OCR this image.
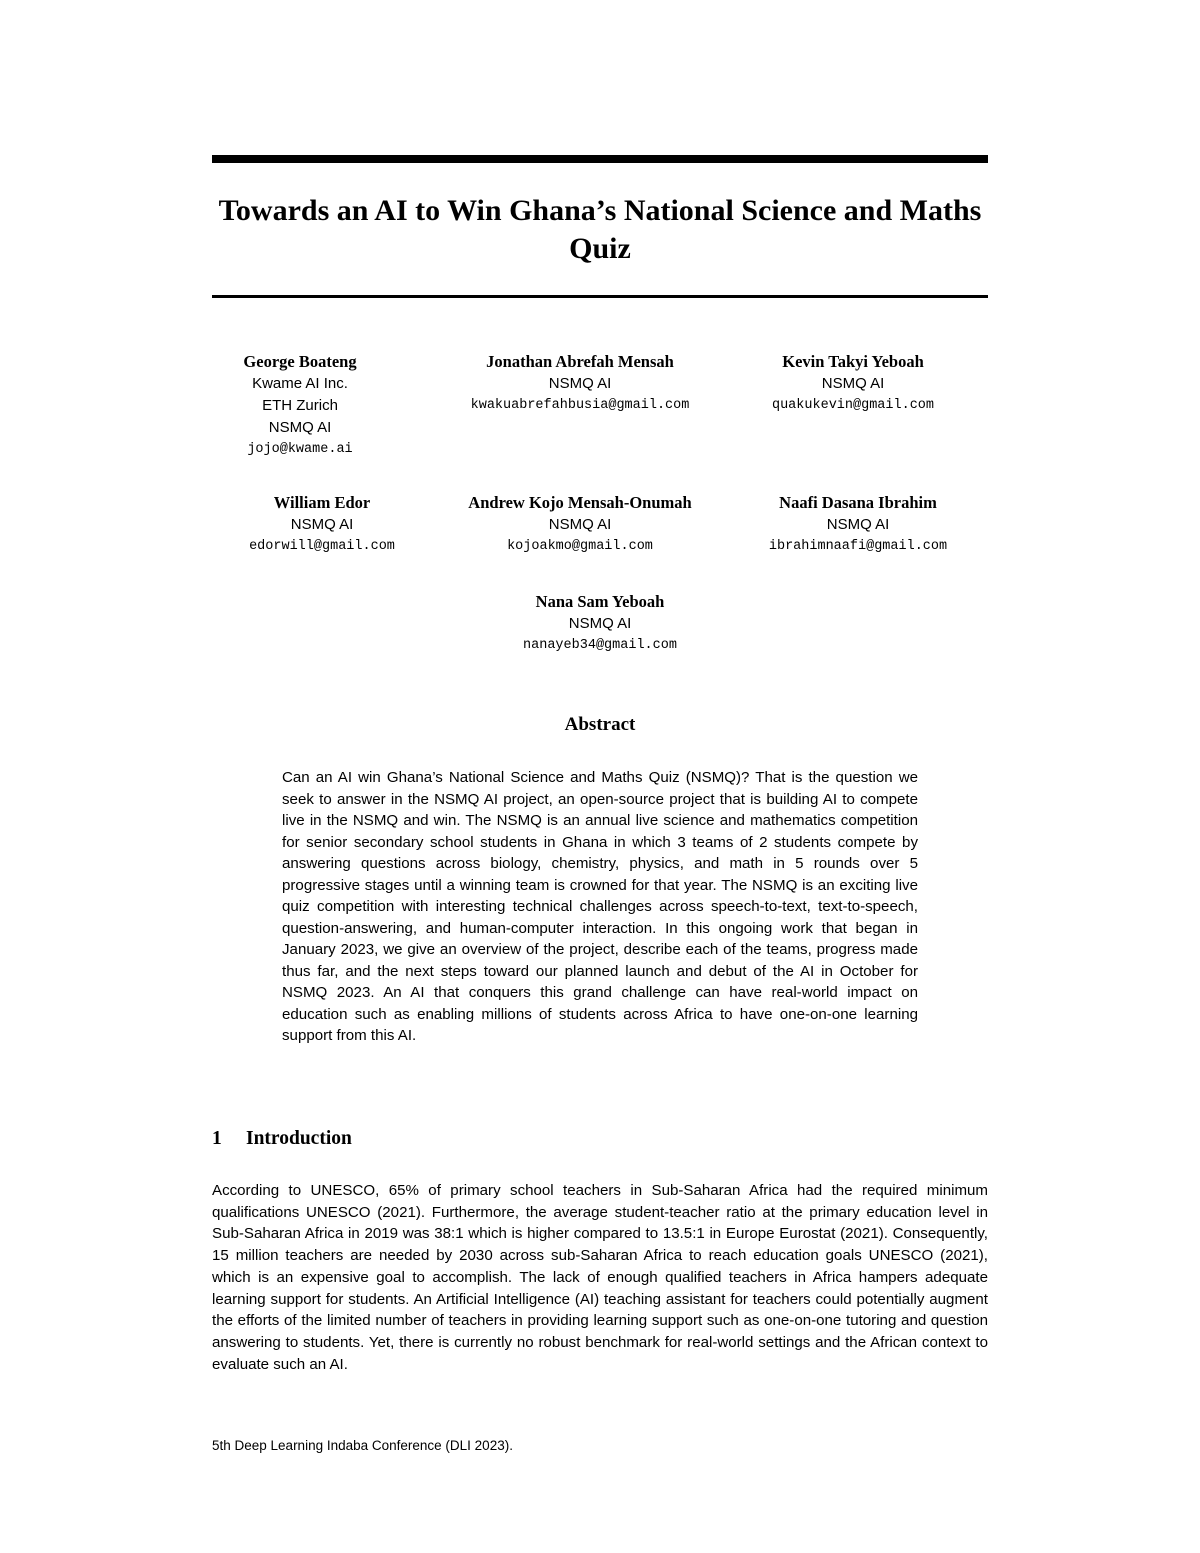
Towards an AI to Win Ghana’s National Science and Maths Quiz
George Boateng
Kwame AI Inc.
ETH Zurich
NSMQ AI
jojo@kwame.ai
Jonathan Abrefah Mensah
NSMQ AI
kwakuabrefahbusia@gmail.com
Kevin Takyi Yeboah
NSMQ AI
quakukevin@gmail.com
William Edor
NSMQ AI
edorwill@gmail.com
Andrew Kojo Mensah-Onumah
NSMQ AI
kojoakmo@gmail.com
Naafi Dasana Ibrahim
NSMQ AI
ibrahimnaafi@gmail.com
Nana Sam Yeboah
NSMQ AI
nanayeb34@gmail.com
Abstract
Can an AI win Ghana’s National Science and Maths Quiz (NSMQ)? That is the question we seek to answer in the NSMQ AI project, an open-source project that is building AI to compete live in the NSMQ and win. The NSMQ is an annual live science and mathematics competition for senior secondary school students in Ghana in which 3 teams of 2 students compete by answering questions across biology, chemistry, physics, and math in 5 rounds over 5 progressive stages until a winning team is crowned for that year. The NSMQ is an exciting live quiz competition with interesting technical challenges across speech-to-text, text-to-speech, question-answering, and human-computer interaction. In this ongoing work that began in January 2023, we give an overview of the project, describe each of the teams, progress made thus far, and the next steps toward our planned launch and debut of the AI in October for NSMQ 2023. An AI that conquers this grand challenge can have real-world impact on education such as enabling millions of students across Africa to have one-on-one learning support from this AI.
1 Introduction
According to UNESCO, 65% of primary school teachers in Sub-Saharan Africa had the required minimum qualifications UNESCO (2021). Furthermore, the average student-teacher ratio at the primary education level in Sub-Saharan Africa in 2019 was 38:1 which is higher compared to 13.5:1 in Europe Eurostat (2021). Consequently, 15 million teachers are needed by 2030 across sub-Saharan Africa to reach education goals UNESCO (2021), which is an expensive goal to accomplish. The lack of enough qualified teachers in Africa hampers adequate learning support for students. An Artificial Intelligence (AI) teaching assistant for teachers could potentially augment the efforts of the limited number of teachers in providing learning support such as one-on-one tutoring and question answering to students. Yet, there is currently no robust benchmark for real-world settings and the African context to evaluate such an AI.
5th Deep Learning Indaba Conference (DLI 2023).
